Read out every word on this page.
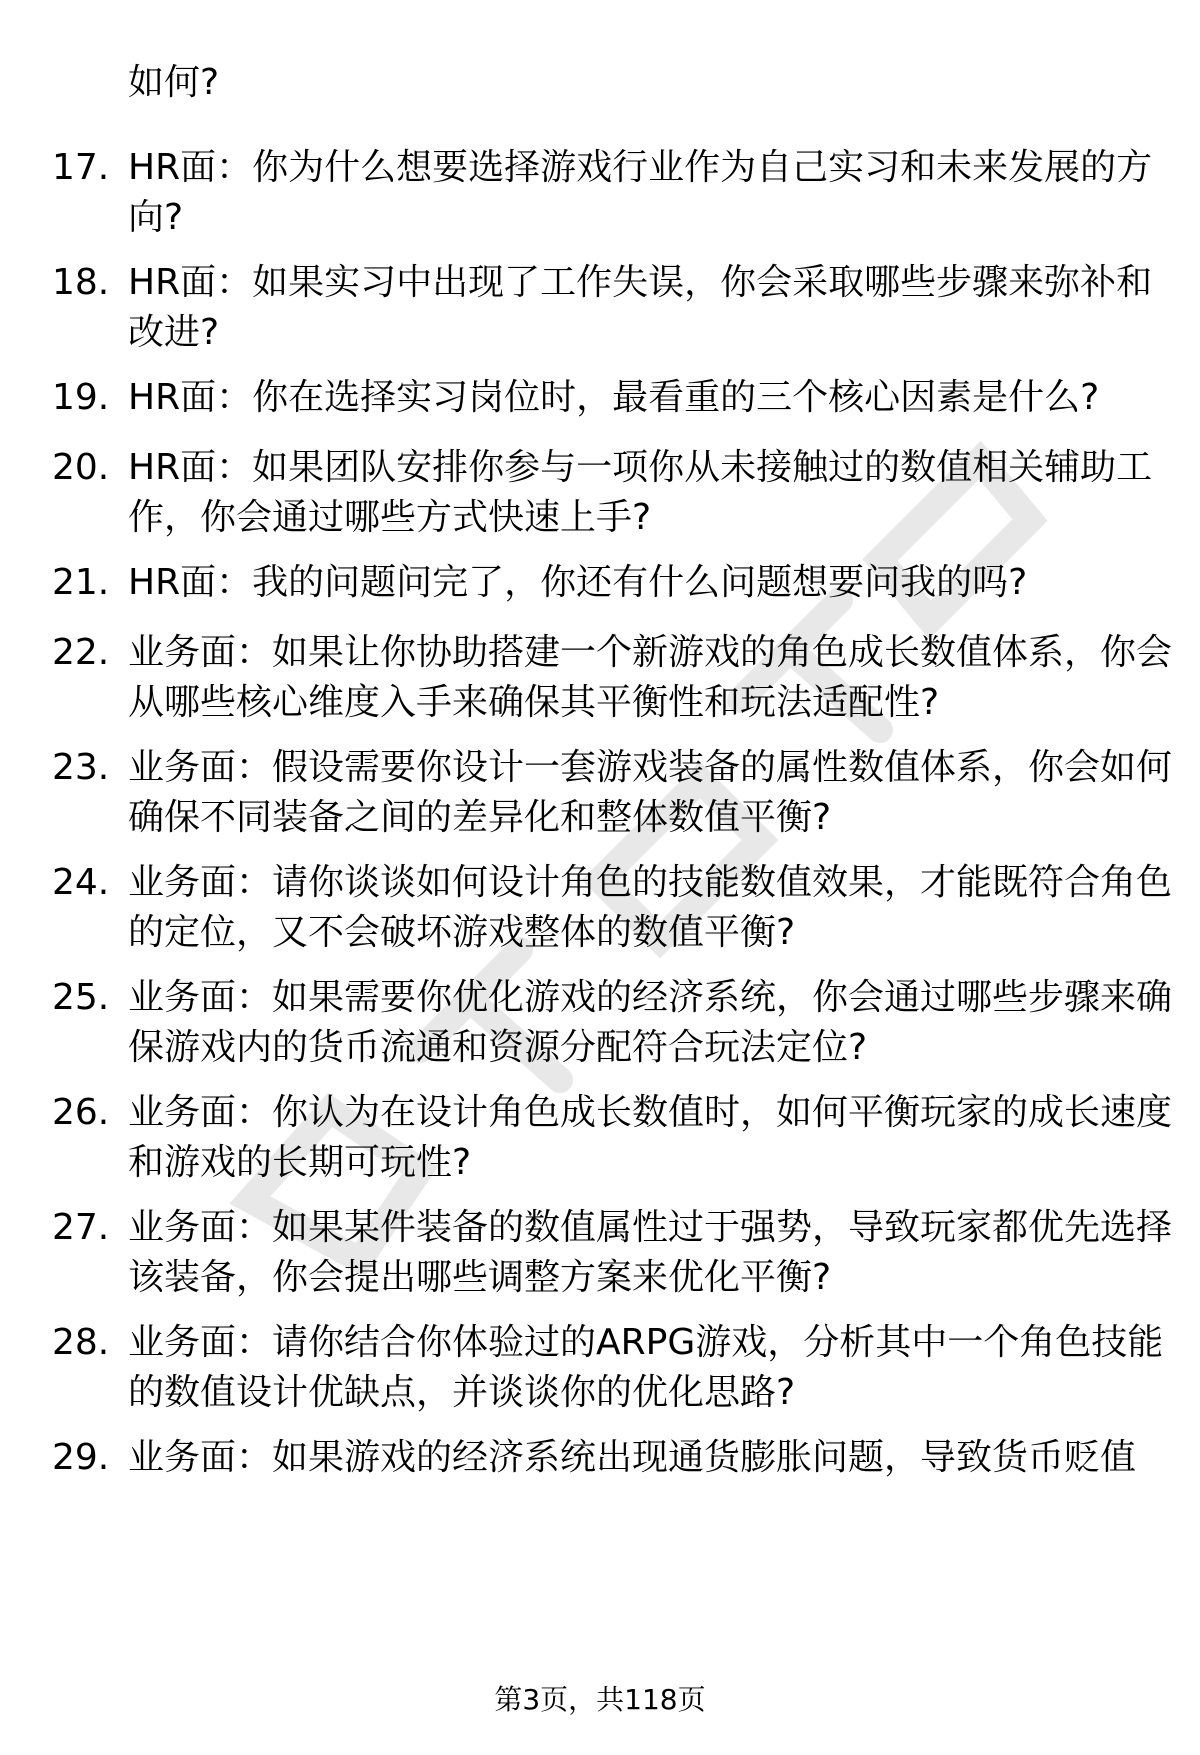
如何?
17. HR面：你为什么想要选择游戏行业作为自己实习和未来发展的方向?
18. HR面：如果实习中出现了工作失误，你会采取哪些步骤来弥补和改进?
19. HR面：你在选择实习岗位时，最看重的三个核心因素是什么?
20. HR面：如果团队安排你参与一项你从未接触过的数值相关辅助工作，你会通过哪些方式快速上手?
21. HR面：我的问题问完了，你还有什么问题想要问我的吗?
22. 业务面：如果让你协助搭建一个新游戏的角色成长数值体系，你会从哪些核心维度入手来确保其平衡性和玩法适配性?
23. 业务面：假设需要你设计一套游戏装备的属性数值体系，你会如何确保不同装备之间的差异化和整体数值平衡?
24. 业务面：请你谈谈如何设计角色的技能数值效果，才能既符合角色的定位，又不会破坏游戏整体的数值平衡?
25. 业务面：如果需要你优化游戏的经济系统，你会通过哪些步骤来确保游戏内的货币流通和资源分配符合玩法定位?
26. 业务面：你认为在设计角色成长数值时，如何平衡玩家的成长速度和游戏的长期可玩性?
27. 业务面：如果某件装备的数值属性过于强势，导致玩家都优先选择该装备，你会提出哪些调整方案来优化平衡?
28. 业务面：请你结合你体验过的ARPG游戏，分析其中一个角色技能的数值设计优缺点，并谈谈你的优化思路?
29. 业务面：如果游戏的经济系统出现通货膨胀问题，导致货币贬值
第3页，共118页
